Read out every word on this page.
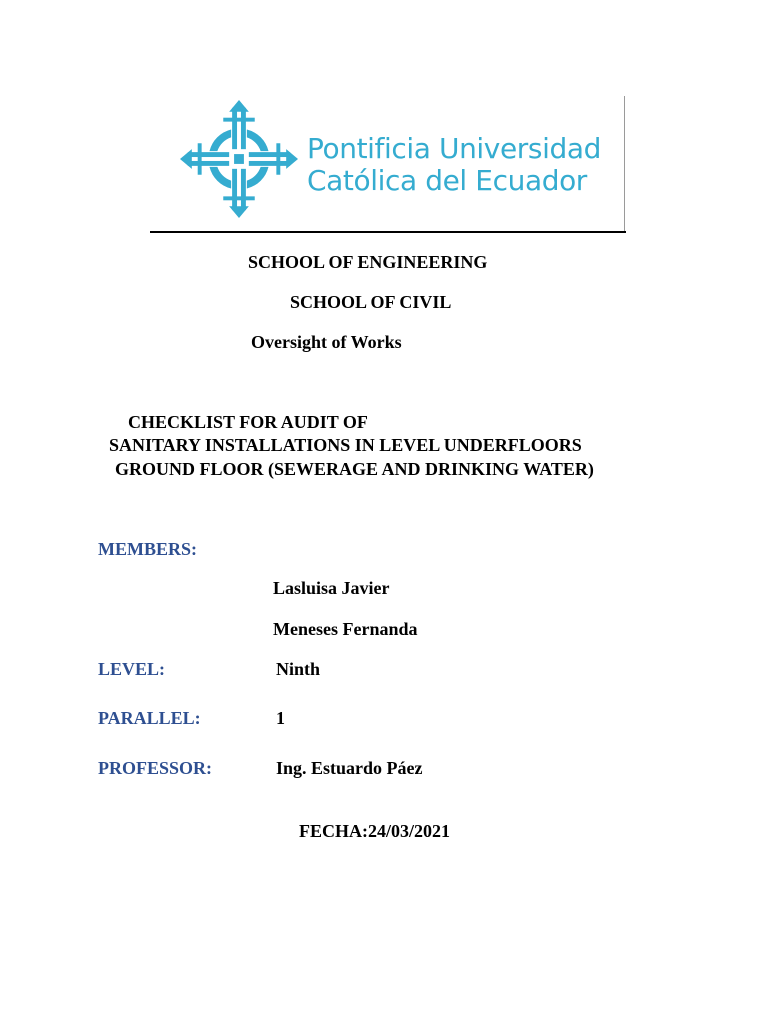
Pontificia Universidad
Católica del Ecuador
SCHOOL OF ENGINEERING
SCHOOL OF CIVIL
Oversight of Works
CHECKLIST FOR AUDIT OF
SANITARY INSTALLATIONS IN LEVEL UNDERFLOORS
GROUND FLOOR (SEWERAGE AND DRINKING WATER)
MEMBERS:
Lasluisa Javier
Meneses Fernanda
LEVEL:	Ninth
PARALLEL:	1
PROFESSOR:	Ing. Estuardo Páez
FECHA:24/03/2021
